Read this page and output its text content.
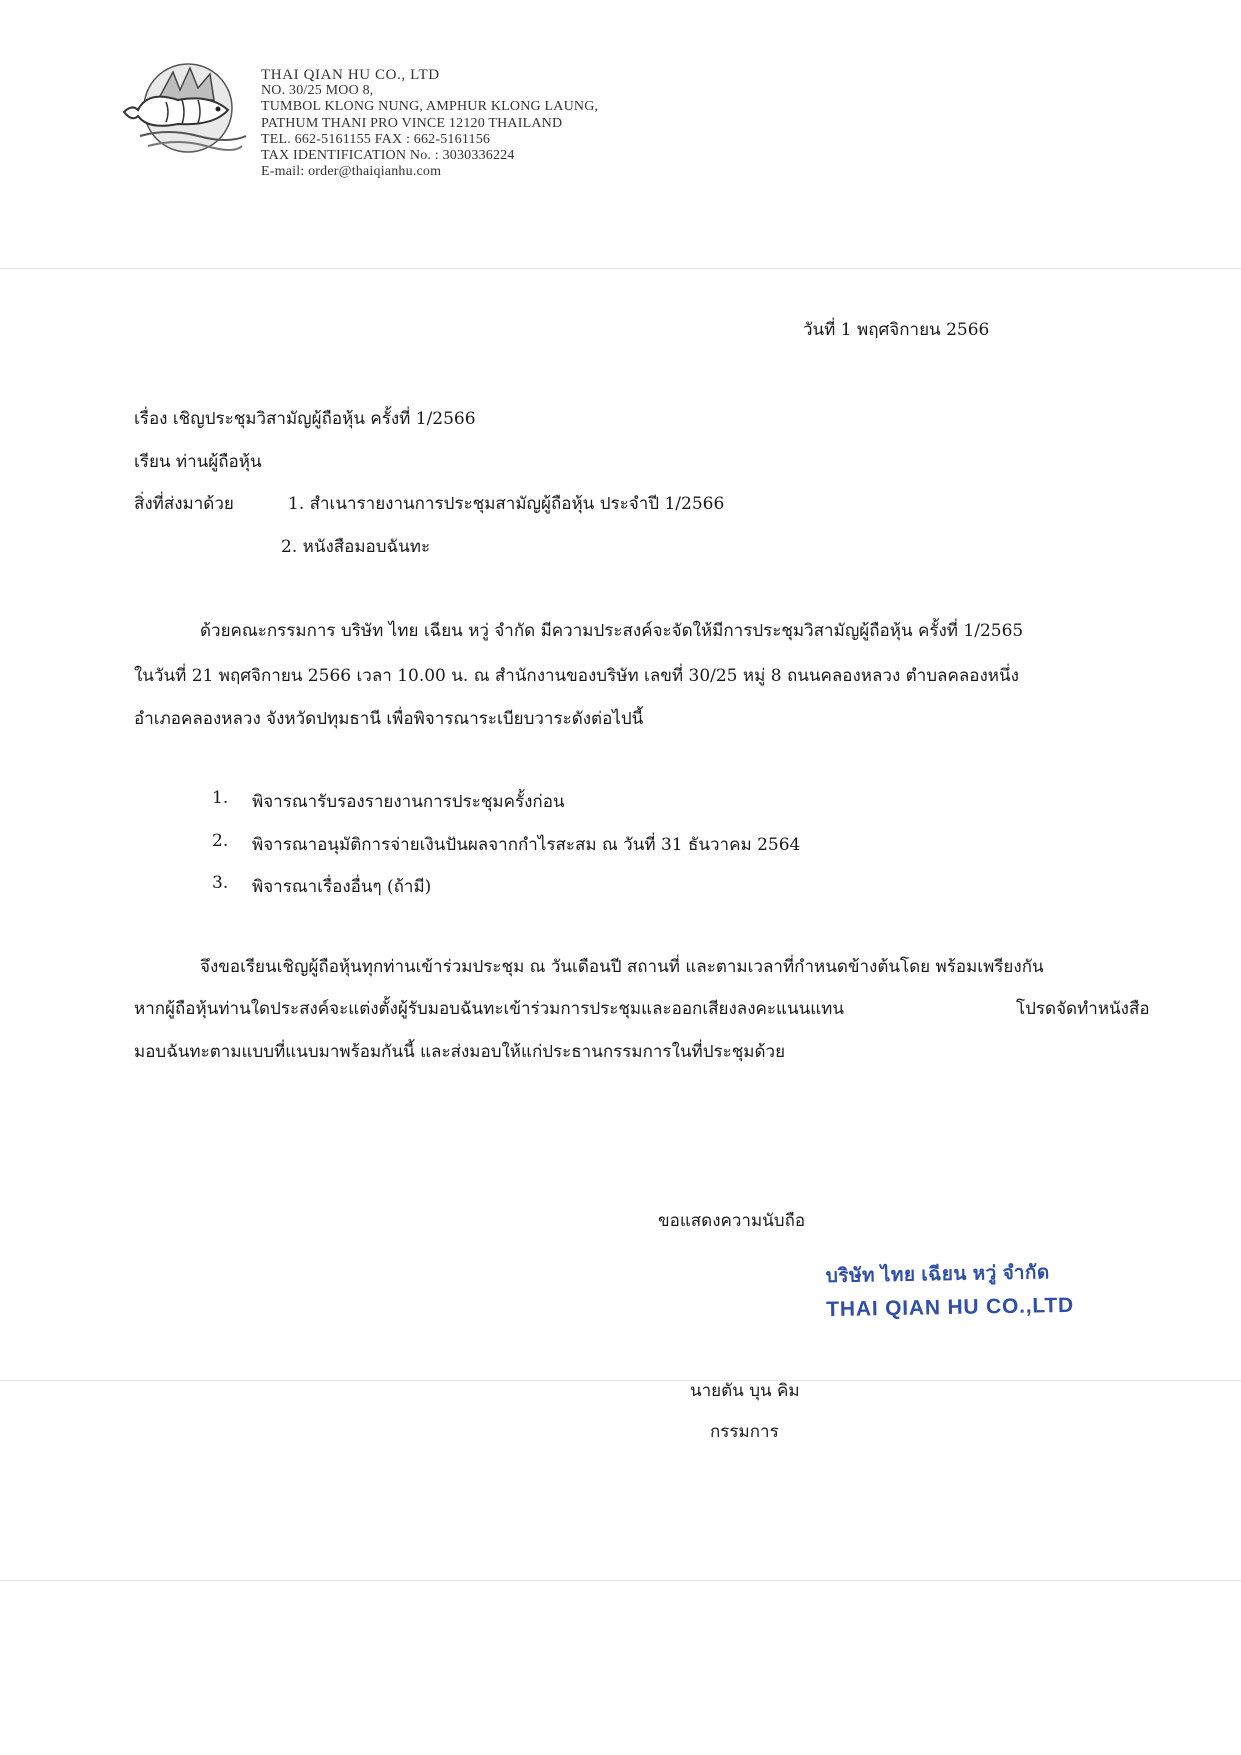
THAI QIAN HU CO., LTD
NO. 30/25 MOO 8,
TUMBOL KLONG NUNG, AMPHUR KLONG LAUNG,
PATHUM THANI PRO VINCE 12120 THAILAND
TEL. 662-5161155 FAX : 662-5161156
TAX IDENTIFICATION No. : 3030336224
E-mail: order@thaiqianhu.com
วันที่ 1 พฤศจิกายน 2566
เรื่อง เชิญประชุมวิสามัญผู้ถือหุ้น ครั้งที่ 1/2566
เรียน ท่านผู้ถือหุ้น
สิ่งที่ส่งมาด้วย	1. สำเนารายงานการประชุมสามัญผู้ถือหุ้น ประจำปี 1/2566
2. หนังสือมอบฉันทะ
ด้วยคณะกรรมการ บริษัท ไทย เฉียน หวู่ จำกัด มีความประสงค์จะจัดให้มีการประชุมวิสามัญผู้ถือหุ้น ครั้งที่ 1/2565
ในวันที่ 21 พฤศจิกายน 2566 เวลา 10.00 น. ณ สำนักงานของบริษัท เลขที่ 30/25 หมู่ 8 ถนนคลองหลวง ตำบลคลองหนึ่ง
อำเภอคลองหลวง จังหวัดปทุมธานี เพื่อพิจารณาระเบียบวาระดังต่อไปนี้
1. พิจารณารับรองรายงานการประชุมครั้งก่อน
2. พิจารณาอนุมัติการจ่ายเงินปันผลจากกำไรสะสม ณ วันที่ 31 ธันวาคม 2564
3. พิจารณาเรื่องอื่นๆ (ถ้ามี)
จึงขอเรียนเชิญผู้ถือหุ้นทุกท่านเข้าร่วมประชุม ณ วันเดือนปี สถานที่ และตามเวลาที่กำหนดข้างต้นโดย พร้อมเพรียงกัน
หากผู้ถือหุ้นท่านใดประสงค์จะแต่งตั้งผู้รับมอบฉันทะเข้าร่วมการประชุมและออกเสียงลงคะแนนแทน	โปรดจัดทำหนังสือ
มอบฉันทะตามแบบที่แนบมาพร้อมกันนี้ และส่งมอบให้แก่ประธานกรรมการในที่ประชุมด้วย
ขอแสดงความนับถือ
บริษัท ไทย เฉียน หวู่ จำกัด
THAI QIAN HU CO.,LTD
นายตัน บุน คิม
กรรมการ
